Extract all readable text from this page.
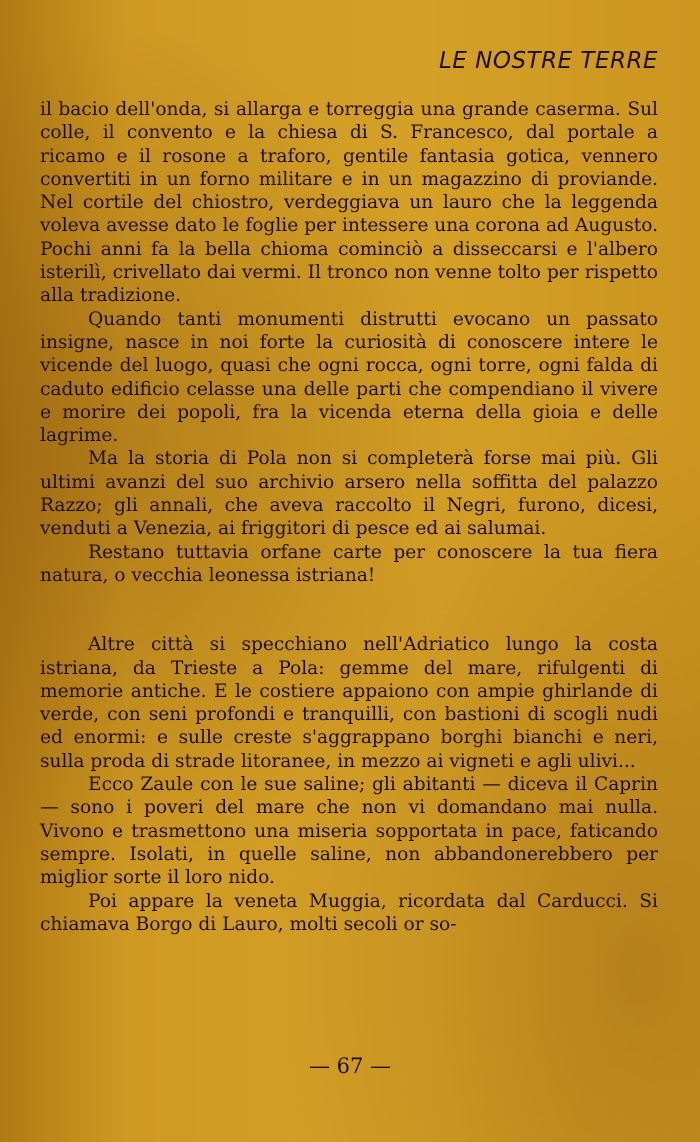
LE NOSTRE TERRE

il bacio dell'onda, si allarga e torreggia una grande caserma. Sul colle, il convento e la chiesa di S. Francesco, dal portale a ricamo e il rosone a traforo, gentile fantasia gotica, vennero convertiti in un forno militare e in un magazzino di proviande. Nel cortile del chiostro, verdeggiava un lauro che la leggenda voleva avesse dato le foglie per intessere una corona ad Augusto. Pochi anni fa la bella chioma cominciò a disseccarsi e l'albero isterilì, crivellato dai vermi. Il tronco non venne tolto per rispetto alla tradizione.

Quando tanti monumenti distrutti evocano un passato insigne, nasce in noi forte la curiosità di conoscere intere le vicende del luogo, quasi che ogni rocca, ogni torre, ogni falda di caduto edificio celasse una delle parti che compendiano il vivere e morire dei popoli, fra la vicenda eterna della gioia e delle lagrime.

Ma la storia di Pola non si completerà forse mai più. Gli ultimi avanzi del suo archivio arsero nella soffitta del palazzo Razzo; gli annali, che aveva raccolto il Negri, furono, dicesi, venduti a Venezia, ai friggitori di pesce ed ai salumai.

Restano tuttavia orfane carte per conoscere la tua fiera natura, o vecchia leonessa istriana!

Altre città si specchiano nell'Adriatico lungo la costa istriana, da Trieste a Pola: gemme del mare, rifulgenti di memorie antiche. E le costiere appaiono con ampie ghirlande di verde, con seni profondi e tranquilli, con bastioni di scogli nudi ed enormi: e sulle creste s'aggrappano borghi bianchi e neri, sulla proda di strade litoranee, in mezzo ai vigneti e agli ulivi...

Ecco Zaule con le sue saline; gli abitanti — diceva il Caprin — sono i poveri del mare che non vi domandano mai nulla. Vivono e trasmettono una miseria sopportata in pace, faticando sempre. Isolati, in quelle saline, non abbandonerebbero per miglior sorte il loro nido.

Poi appare la veneta Muggia, ricordata dal Carducci. Si chiamava Borgo di Lauro, molti secoli or so-

— 67 —
